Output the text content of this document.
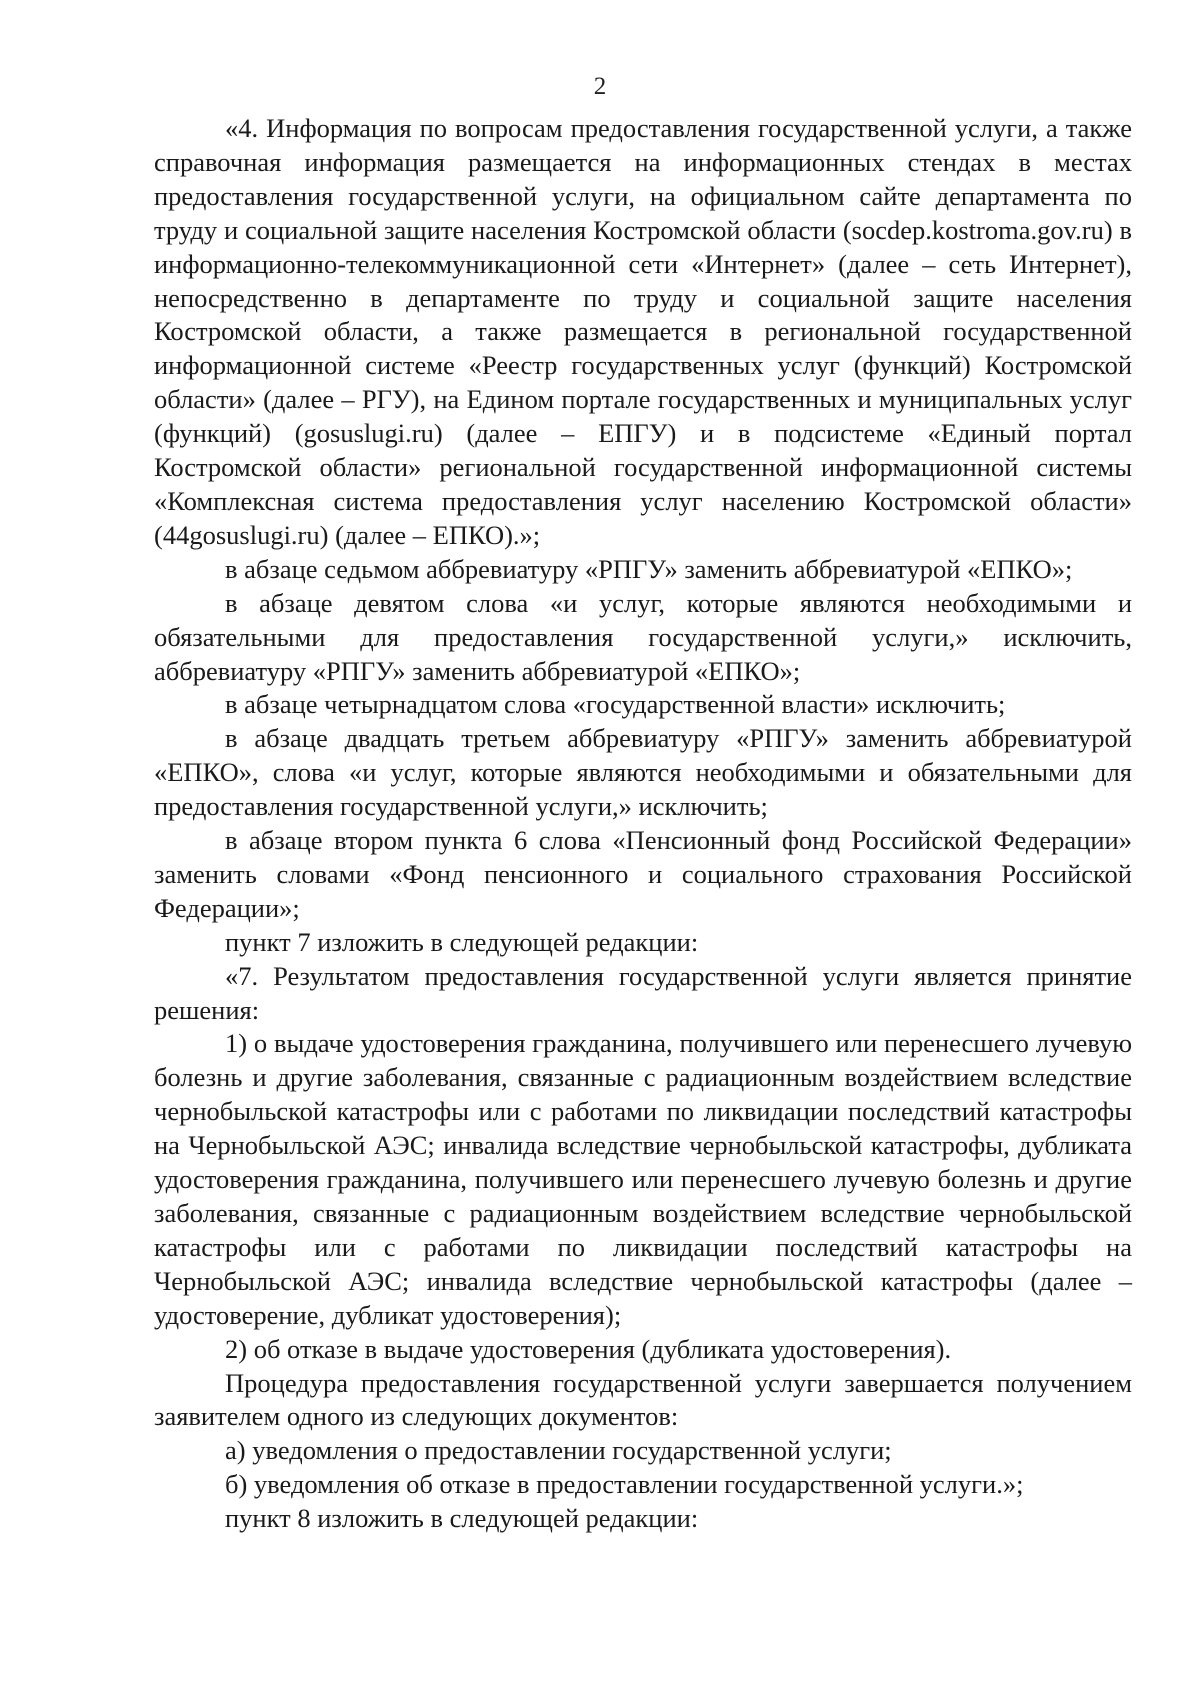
2

«4. Информация по вопросам предоставления государственной услуги, а также справочная информация размещается на информационных стендах в местах предоставления государственной услуги, на официальном сайте департамента по труду и социальной защите населения Костромской области (socdep.kostroma.gov.ru) в информационно-телекоммуникационной сети «Интернет» (далее – сеть Интернет), непосредственно в департаменте по труду и социальной защите населения Костромской области, а также размещается в региональной государственной информационной системе «Реестр государственных услуг (функций) Костромской области» (далее – РГУ), на Едином портале государственных и муниципальных услуг (функций) (gosuslugi.ru) (далее – ЕПГУ) и в подсистеме «Единый портал Костромской области» региональной государственной информационной системы «Комплексная система предоставления услуг населению Костромской области» (44gosuslugi.ru) (далее – ЕПКО).»;

в абзаце седьмом аббревиатуру «РПГУ» заменить аббревиатурой «ЕПКО»;

в абзаце девятом слова «и услуг, которые являются необходимыми и обязательными для предоставления государственной услуги,» исключить, аббревиатуру «РПГУ» заменить аббревиатурой «ЕПКО»;

в абзаце четырнадцатом слова «государственной власти» исключить;

в абзаце двадцать третьем аббревиатуру «РПГУ» заменить аббревиатурой «ЕПКО», слова «и услуг, которые являются необходимыми и обязательными для предоставления государственной услуги,» исключить;

в абзаце втором пункта 6 слова «Пенсионный фонд Российской Федерации» заменить словами «Фонд пенсионного и социального страхования Российской Федерации»;

пункт 7 изложить в следующей редакции:

«7. Результатом предоставления государственной услуги является принятие решения:

1) о выдаче удостоверения гражданина, получившего или перенесшего лучевую болезнь и другие заболевания, связанные с радиационным воздействием вследствие чернобыльской катастрофы или с работами по ликвидации последствий катастрофы на Чернобыльской АЭС; инвалида вследствие чернобыльской катастрофы, дубликата удостоверения гражданина, получившего или перенесшего лучевую болезнь и другие заболевания, связанные с радиационным воздействием вследствие чернобыльской катастрофы или с работами по ликвидации последствий катастрофы на Чернобыльской АЭС; инвалида вследствие чернобыльской катастрофы (далее – удостоверение, дубликат удостоверения);

2) об отказе в выдаче удостоверения (дубликата удостоверения).

Процедура предоставления государственной услуги завершается получением заявителем одного из следующих документов:

а) уведомления о предоставлении государственной услуги;

б) уведомления об отказе в предоставлении государственной услуги.»;

пункт 8 изложить в следующей редакции:
